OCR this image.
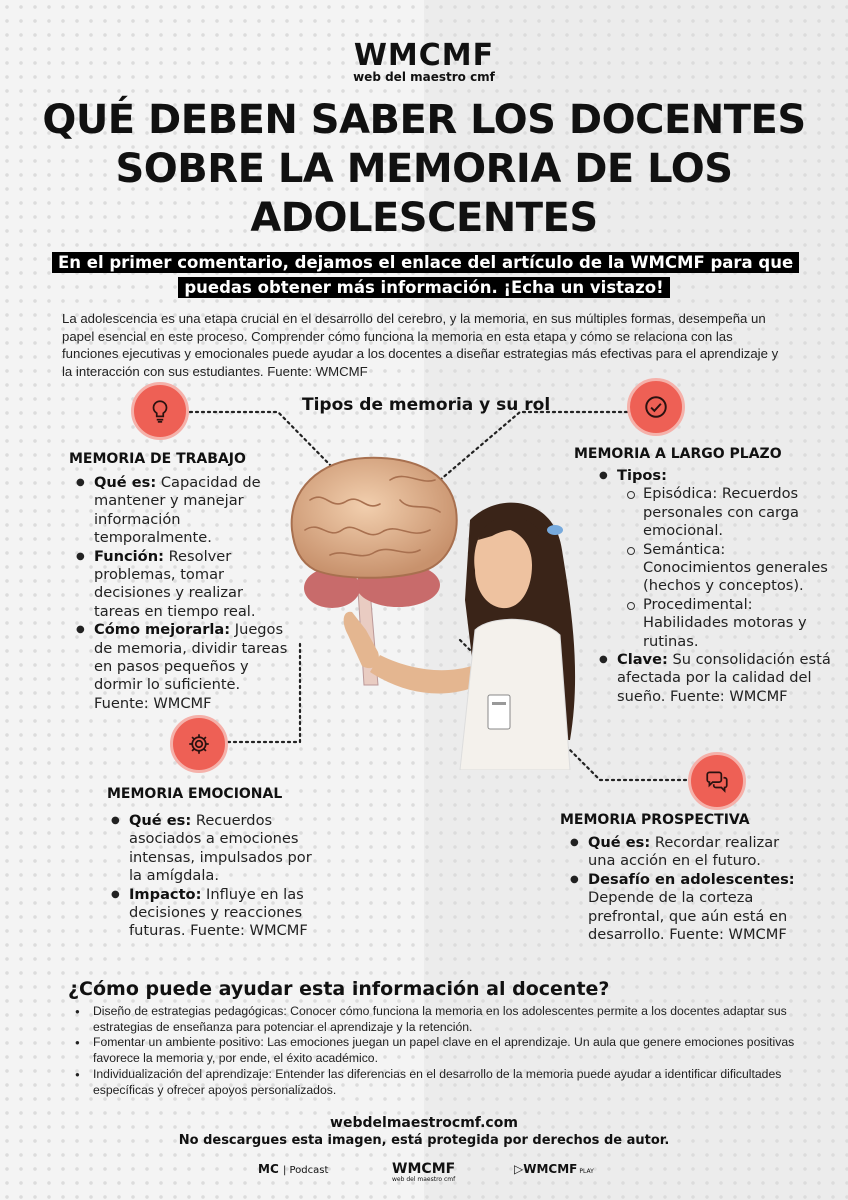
WMCMF
web del maestro cmf
QUÉ DEBEN SABER LOS DOCENTES SOBRE LA MEMORIA DE LOS ADOLESCENTES
En el primer comentario, dejamos el enlace del artículo de la WMCMF para que puedas obtener más información. ¡Echa un vistazo!
La adolescencia es una etapa crucial en el desarrollo del cerebro, y la memoria, en sus múltiples formas, desempeña un papel esencial en este proceso. Comprender cómo funciona la memoria en esta etapa y cómo se relaciona con las funciones ejecutivas y emocionales puede ayudar a los docentes a diseñar estrategias más efectivas para el aprendizaje y la interacción con sus estudiantes. Fuente: WMCMF
Tipos de memoria y su rol
MEMORIA DE TRABAJO
● Qué es: Capacidad de mantener y manejar información temporalmente.
● Función: Resolver problemas, tomar decisiones y realizar tareas en tiempo real.
● Cómo mejorarla: Juegos de memoria, dividir tareas en pasos pequeños y dormir lo suficiente. Fuente: WMCMF
MEMORIA A LARGO PLAZO
● Tipos:
Episódica: Recuerdos personales con carga emocional.
Semántica: Conocimientos generales (hechos y conceptos).
Procedimental: Habilidades motoras y rutinas.
● Clave: Su consolidación está afectada por la calidad del sueño. Fuente: WMCMF
MEMORIA EMOCIONAL
● Qué es: Recuerdos asociados a emociones intensas, impulsados por la amígdala.
● Impacto: Influye en las decisiones y reacciones futuras. Fuente: WMCMF
MEMORIA PROSPECTIVA
● Qué es: Recordar realizar una acción en el futuro.
● Desafío en adolescentes: Depende de la corteza prefrontal, que aún está en desarrollo. Fuente: WMCMF
¿Cómo puede ayudar esta información al docente?
● Diseño de estrategias pedagógicas: Conocer cómo funciona la memoria en los adolescentes permite a los docentes adaptar sus estrategias de enseñanza para potenciar el aprendizaje y la retención.
● Fomentar un ambiente positivo: Las emociones juegan un papel clave en el aprendizaje. Un aula que genere emociones positivas favorece la memoria y, por ende, el éxito académico.
● Individualización del aprendizaje: Entender las diferencias en el desarrollo de la memoria puede ayudar a identificar dificultades específicas y ofrecer apoyos personalizados.
webdelmaestrocmf.com
No descargues esta imagen, está protegida por derechos de autor.
MC | Podcast	WMCMF
web del maestro cmf
▷WMCMF PLAY
